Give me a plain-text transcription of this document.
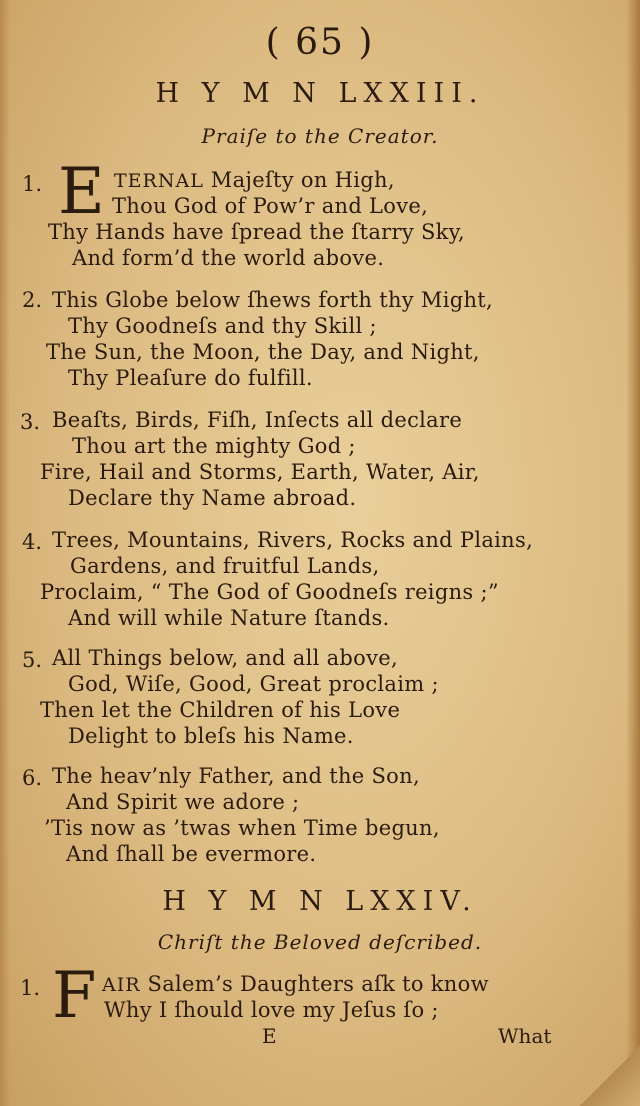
( 65 )
H Y M N LXXIII.
Praiſe to the Creator.
1. E TERNAL Majeſty on High,
Thou God of Pow’r and Love,
Thy Hands have ſpread the ſtarry Sky,
And form’d the world above.
2. This Globe below ſhews forth thy Might,
Thy Goodneſs and thy Skill ;
The Sun, the Moon, the Day, and Night,
Thy Pleaſure do fulfill.
3. Beaſts, Birds, Fiſh, Inſects all declare
Thou art the mighty God ;
Fire, Hail and Storms, Earth, Water, Air,
Declare thy Name abroad.
4. Trees, Mountains, Rivers, Rocks and Plains,
Gardens, and fruitful Lands,
Proclaim, “ The God of Goodneſs reigns ;”
And will while Nature ſtands.
5. All Things below, and all above,
God, Wiſe, Good, Great proclaim ;
Then let the Children of his Love
Delight to bleſs his Name.
6. The heav’nly Father, and the Son,
And Spirit we adore ;
’Tis now as ’twas when Time begun,
And ſhall be evermore.
H Y M N LXXIV.
Chriſt the Beloved deſcribed.
1. F AIR Salem’s Daughters aſk to know
Why I ſhould love my Jeſus ſo ;
E	What
